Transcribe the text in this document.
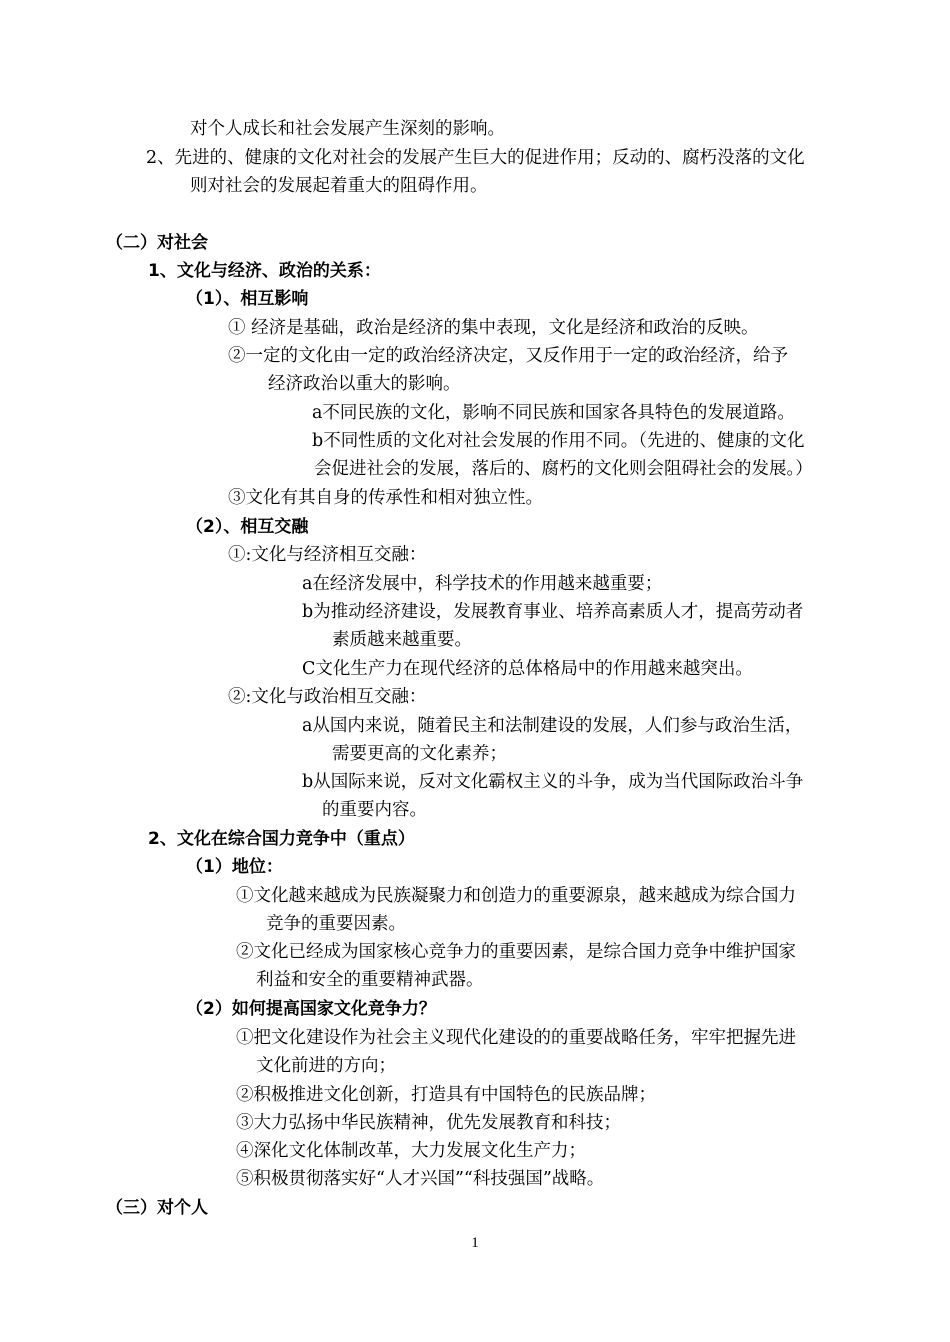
对个人成长和社会发展产生深刻的影响。
2、先进的、健康的文化对社会的发展产生巨大的促进作用；反动的、腐朽没落的文化
则对社会的发展起着重大的阻碍作用。
（二）对社会
1、文化与经济、政治的关系：
（1）、相互影响
① 经济是基础，政治是经济的集中表现，文化是经济和政治的反映。
②一定的文化由一定的政治经济决定，又反作用于一定的政治经济，给予
经济政治以重大的影响。
a不同民族的文化，影响不同民族和国家各具特色的发展道路。
b不同性质的文化对社会发展的作用不同。（先进的、健康的文化
会促进社会的发展，落后的、腐朽的文化则会阻碍社会的发展。）
③文化有其自身的传承性和相对独立性。
（2）、相互交融
①:文化与经济相互交融：
a在经济发展中，科学技术的作用越来越重要；
b为推动经济建设，发展教育事业、培养高素质人才，提高劳动者
素质越来越重要。
C文化生产力在现代经济的总体格局中的作用越来越突出。
②:文化与政治相互交融：
a从国内来说，随着民主和法制建设的发展，人们参与政治生活，
需要更高的文化素养；
b从国际来说，反对文化霸权主义的斗争，成为当代国际政治斗争
的重要内容。
2、文化在综合国力竞争中（重点）
（1）地位：
①文化越来越成为民族凝聚力和创造力的重要源泉，越来越成为综合国力
竞争的重要因素。
②文化已经成为国家核心竞争力的重要因素，是综合国力竞争中维护国家
利益和安全的重要精神武器。
（2）如何提高国家文化竞争力？
①把文化建设作为社会主义现代化建设的的重要战略任务，牢牢把握先进
文化前进的方向；
②积极推进文化创新，打造具有中国特色的民族品牌；
③大力弘扬中华民族精神，优先发展教育和科技；
④深化文化体制改革，大力发展文化生产力；
⑤积极贯彻落实好“人才兴国”“科技强国”战略。
（三）对个人
1
